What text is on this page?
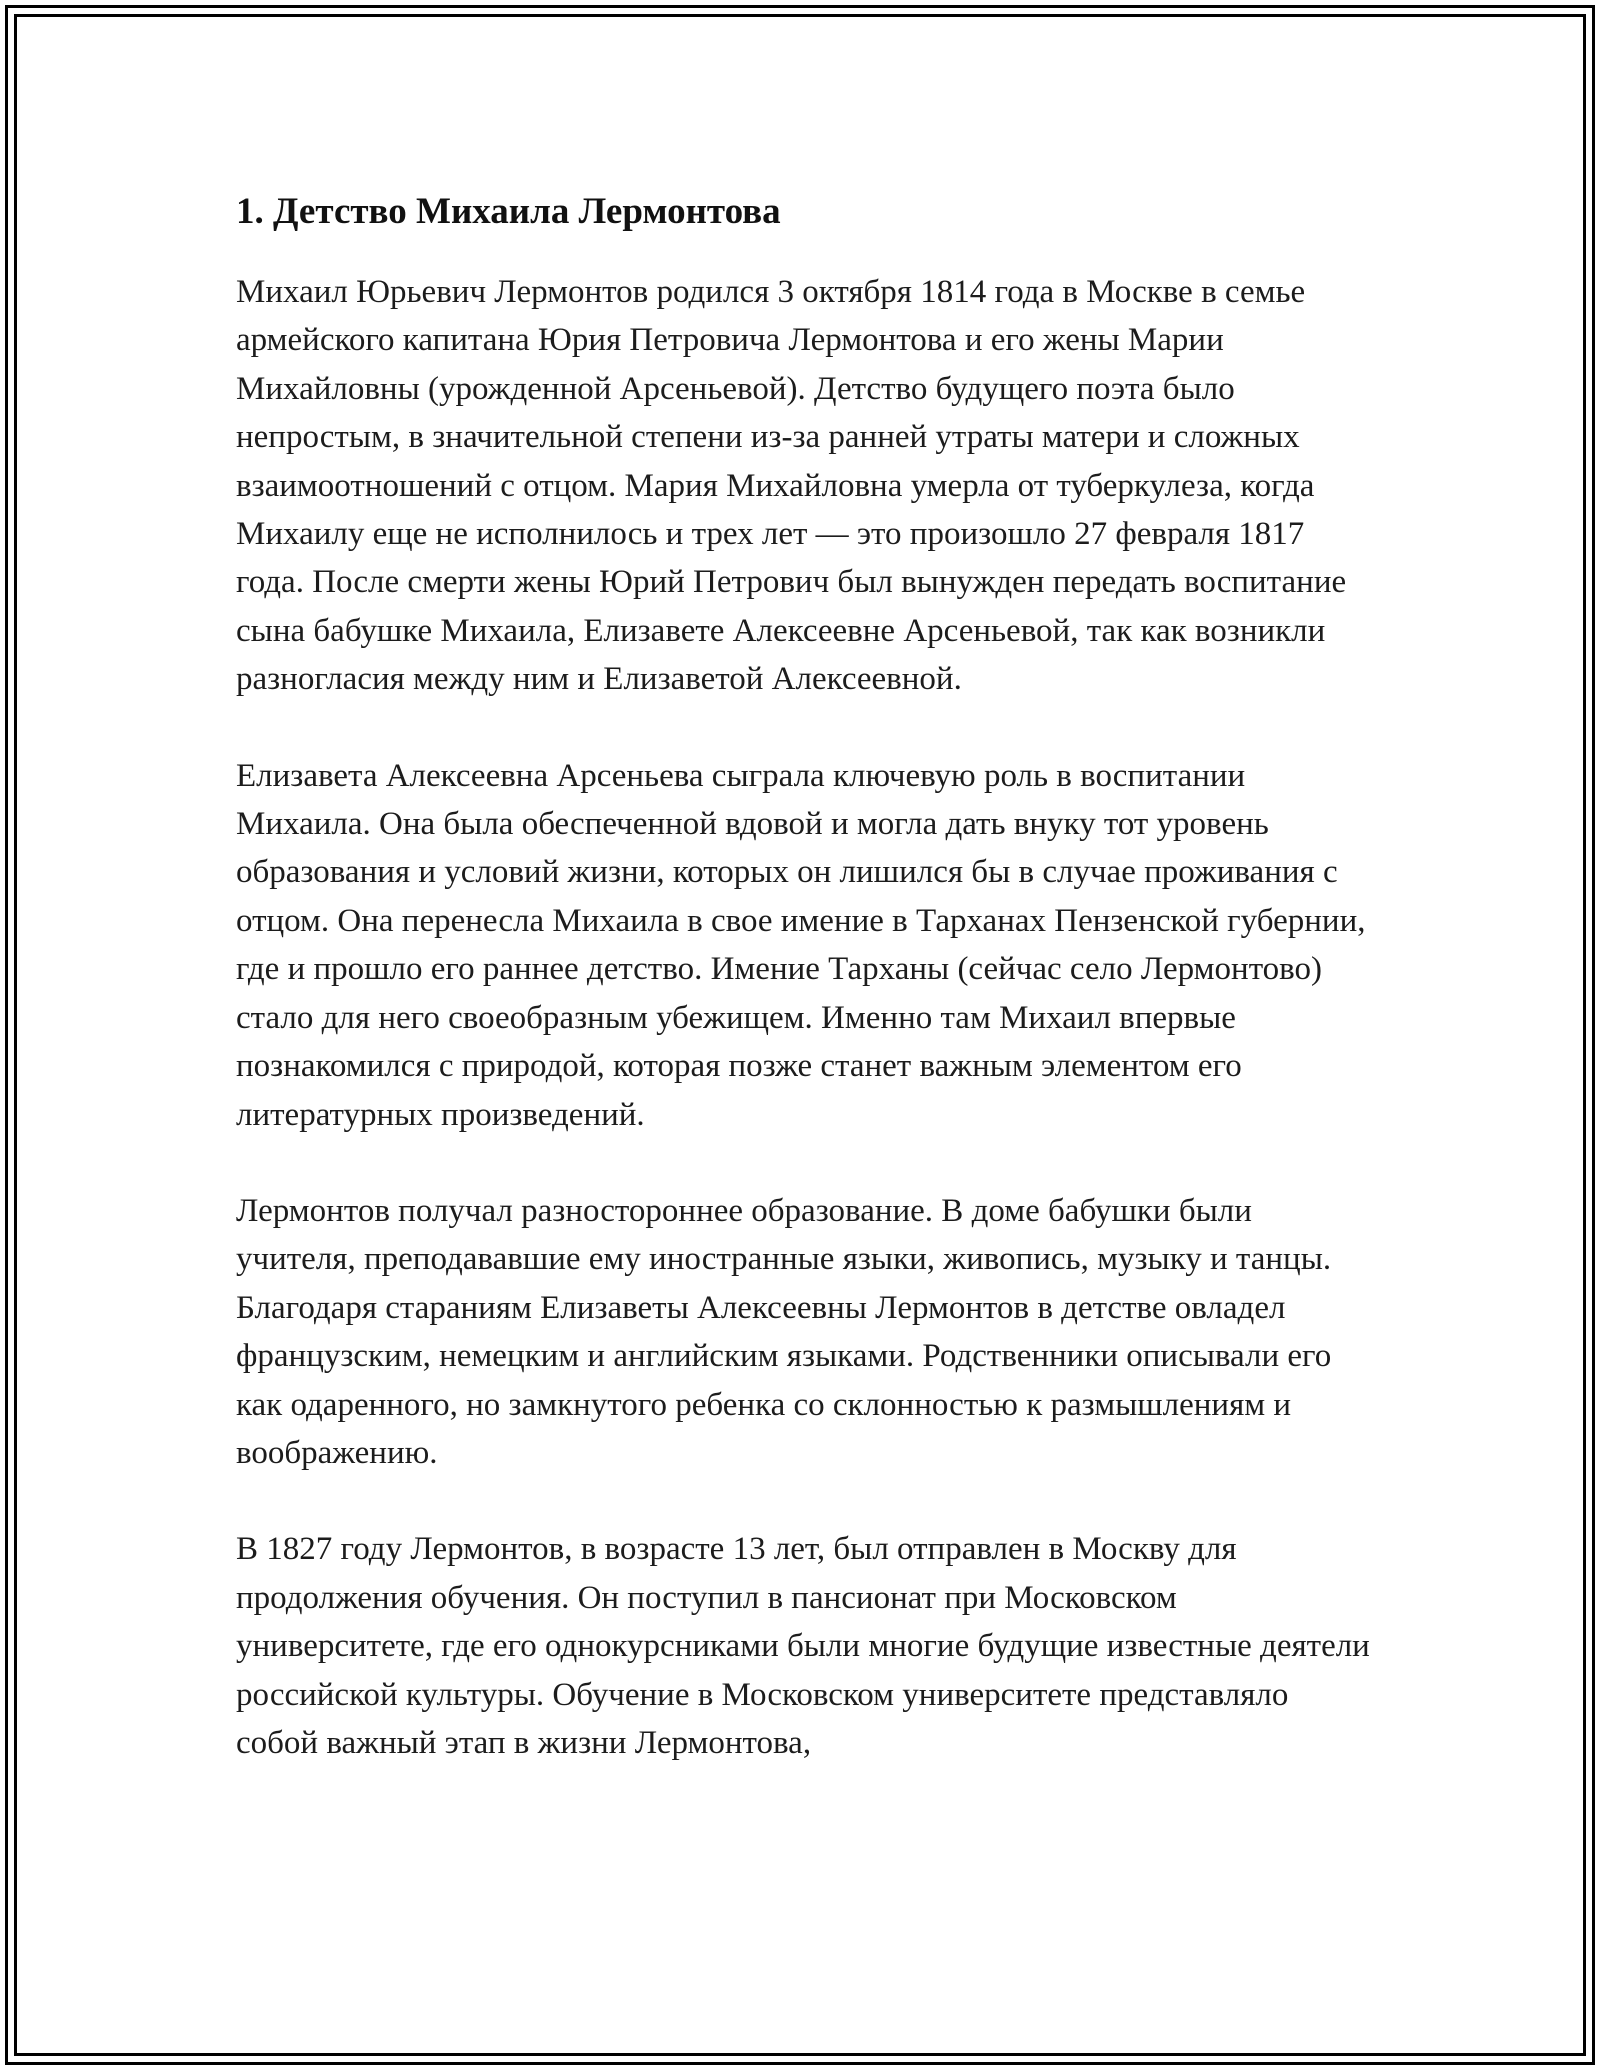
1. Детство Михаила Лермонтова

Михаил Юрьевич Лермонтов родился 3 октября 1814 года в Москве в семье армейского капитана Юрия Петровича Лермонтова и его жены Марии Михайловны (урожденной Арсеньевой). Детство будущего поэта было непростым, в значительной степени из-за ранней утраты матери и сложных взаимоотношений с отцом. Мария Михайловна умерла от туберкулеза, когда Михаилу еще не исполнилось и трех лет — это произошло 27 февраля 1817 года. После смерти жены Юрий Петрович был вынужден передать воспитание сына бабушке Михаила, Елизавете Алексеевне Арсеньевой, так как возникли разногласия между ним и Елизаветой Алексеевной.

Елизавета Алексеевна Арсеньева сыграла ключевую роль в воспитании Михаила. Она была обеспеченной вдовой и могла дать внуку тот уровень образования и условий жизни, которых он лишился бы в случае проживания с отцом. Она перенесла Михаила в свое имение в Тарханах Пензенской губернии, где и прошло его раннее детство. Имение Тарханы (сейчас село Лермонтово) стало для него своеобразным убежищем. Именно там Михаил впервые познакомился с природой, которая позже станет важным элементом его литературных произведений.

Лермонтов получал разностороннее образование. В доме бабушки были учителя, преподававшие ему иностранные языки, живопись, музыку и танцы. Благодаря стараниям Елизаветы Алексеевны Лермонтов в детстве овладел французским, немецким и английским языками. Родственники описывали его как одаренного, но замкнутого ребенка со склонностью к размышлениям и воображению.

В 1827 году Лермонтов, в возрасте 13 лет, был отправлен в Москву для продолжения обучения. Он поступил в пансионат при Московском университете, где его однокурсниками были многие будущие известные деятели российской культуры. Обучение в Московском университете представляло собой важный этап в жизни Лермонтова,
